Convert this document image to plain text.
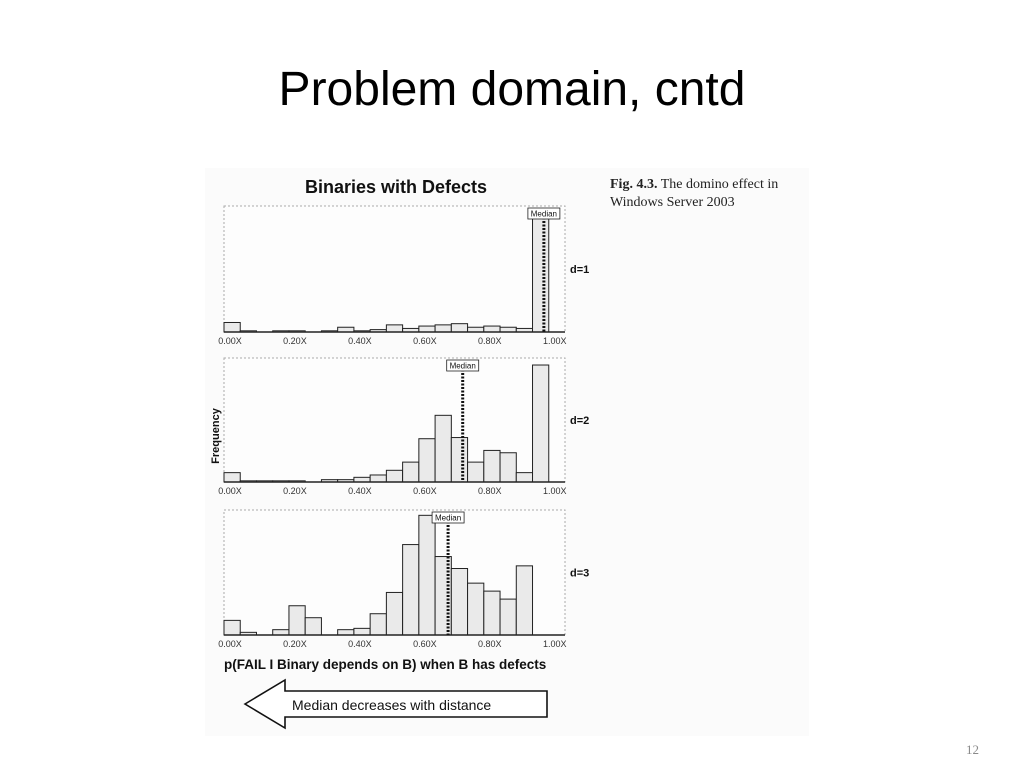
Problem domain, cntd
Binaries with Defects
Frequency
0.00X	0.20X	0.40X	0.60X	0.80X	1.00X
Median
d=1
0.00X	0.20X	0.40X	0.60X	0.80X	1.00X
Median
d=2
0.00X	0.20X	0.40X	0.60X	0.80X	1.00X
Median
d=3
p(FAIL I Binary depends on B) when B has defects
Median decreases with distance
Fig. 4.3. The domino effect in Windows Server 2003
12
